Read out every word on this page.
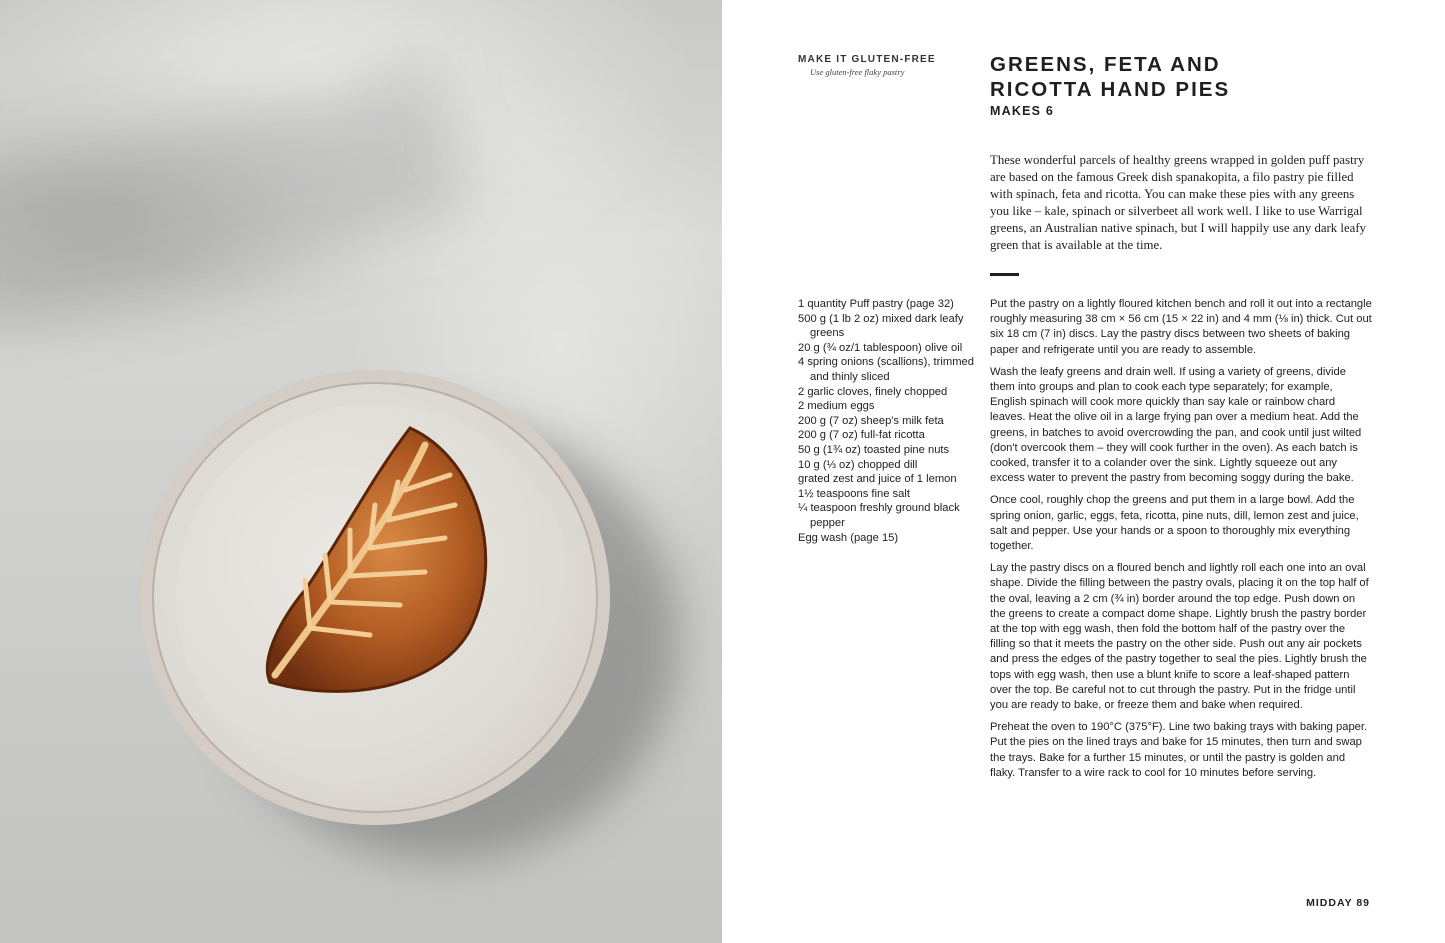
MAKE IT GLUTEN-FREE
Use gluten-free flaky pastry	GREENS, FETA AND
RICOTTA HAND PIES
MAKES 6

These wonderful parcels of healthy greens wrapped in golden puff pastry are based on the famous Greek dish spanakopita, a filo pastry pie filled with spinach, feta and ricotta. You can make these pies with any greens you like – kale, spinach or silverbeet all work well. I like to use Warrigal greens, an Australian native spinach, but I will happily use any dark leafy green that is available at the time.

1 quantity Puff pastry (page 32)
500 g (1 lb 2 oz) mixed dark leafy greens
20 g (¾ oz/1 tablespoon) olive oil
4 spring onions (scallions), trimmed and thinly sliced
2 garlic cloves, finely chopped
2 medium eggs
200 g (7 oz) sheep's milk feta
200 g (7 oz) full-fat ricotta
50 g (1¾ oz) toasted pine nuts
10 g (⅓ oz) chopped dill
grated zest and juice of 1 lemon
1½ teaspoons fine salt
¼ teaspoon freshly ground black pepper
Egg wash (page 15)

Put the pastry on a lightly floured kitchen bench and roll it out into a rectangle roughly measuring 38 cm × 56 cm (15 × 22 in) and 4 mm (⅛ in) thick. Cut out six 18 cm (7 in) discs. Lay the pastry discs between two sheets of baking paper and refrigerate until you are ready to assemble.

Wash the leafy greens and drain well. If using a variety of greens, divide them into groups and plan to cook each type separately; for example, English spinach will cook more quickly than say kale or rainbow chard leaves. Heat the olive oil in a large frying pan over a medium heat. Add the greens, in batches to avoid overcrowding the pan, and cook until just wilted (don't overcook them – they will cook further in the oven). As each batch is cooked, transfer it to a colander over the sink. Lightly squeeze out any excess water to prevent the pastry from becoming soggy during the bake.

Once cool, roughly chop the greens and put them in a large bowl. Add the spring onion, garlic, eggs, feta, ricotta, pine nuts, dill, lemon zest and juice, salt and pepper. Use your hands or a spoon to thoroughly mix everything together.

Lay the pastry discs on a floured bench and lightly roll each one into an oval shape. Divide the filling between the pastry ovals, placing it on the top half of the oval, leaving a 2 cm (¾ in) border around the top edge. Push down on the greens to create a compact dome shape. Lightly brush the pastry border at the top with egg wash, then fold the bottom half of the pastry over the filling so that it meets the pastry on the other side. Push out any air pockets and press the edges of the pastry together to seal the pies. Lightly brush the tops with egg wash, then use a blunt knife to score a leaf-shaped pattern over the top. Be careful not to cut through the pastry. Put in the fridge until you are ready to bake, or freeze them and bake when required.

Preheat the oven to 190°C (375°F). Line two baking trays with baking paper. Put the pies on the lined trays and bake for 15 minutes, then turn and swap the trays. Bake for a further 15 minutes, or until the pastry is golden and flaky. Transfer to a wire rack to cool for 10 minutes before serving.

MIDDAY 89
